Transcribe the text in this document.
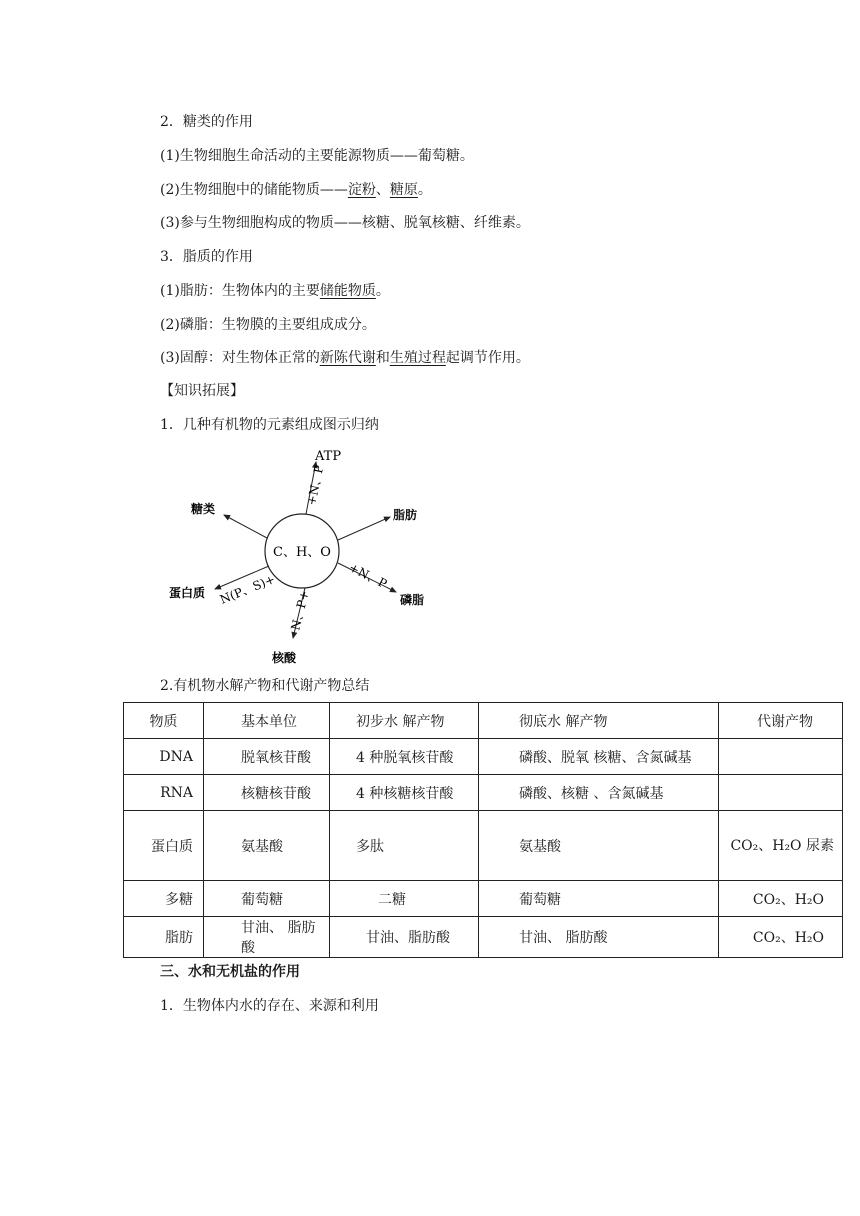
2．糖类的作用
(1)生物细胞生命活动的主要能源物质——葡萄糖。
(2)生物细胞中的储能物质——淀粉、糖原。
(3)参与生物细胞构成的物质——核糖、脱氧核糖、纤维素。
3．脂质的作用
(1)脂肪：生物体内的主要储能物质。
(2)磷脂：生物膜的主要组成成分。
(3)固醇：对生物体正常的新陈代谢和生殖过程起调节作用。
【知识拓展】
1．几种有机物的元素组成图示归纳
C、H、O
ATP
脂肪
糖类
蛋白质	磷脂
核酸
+N、P
+N、P
N(P、S)+ N、P+
2.有机物水解产物和代谢产物总结
物质	基本单位	初步水 解产物	彻底水 解产物	代谢产物
DNA	脱氧核苷酸	4 种脱氧核苷酸	磷酸、脱氧 核糖、含氮碱基	
RNA	核糖核苷酸	4 种核糖核苷酸	磷酸、核糖 、含氮碱基	
蛋白质	氨基酸	多肽	氨基酸	CO₂、H₂O 尿素
多糖	葡萄糖	二糖	葡萄糖	CO₂、H₂O
脂肪	甘油、 脂肪酸	甘油、脂肪酸	甘油、 脂肪酸	CO₂、H₂O
三、水和无机盐的作用
1．生物体内水的存在、来源和利用
